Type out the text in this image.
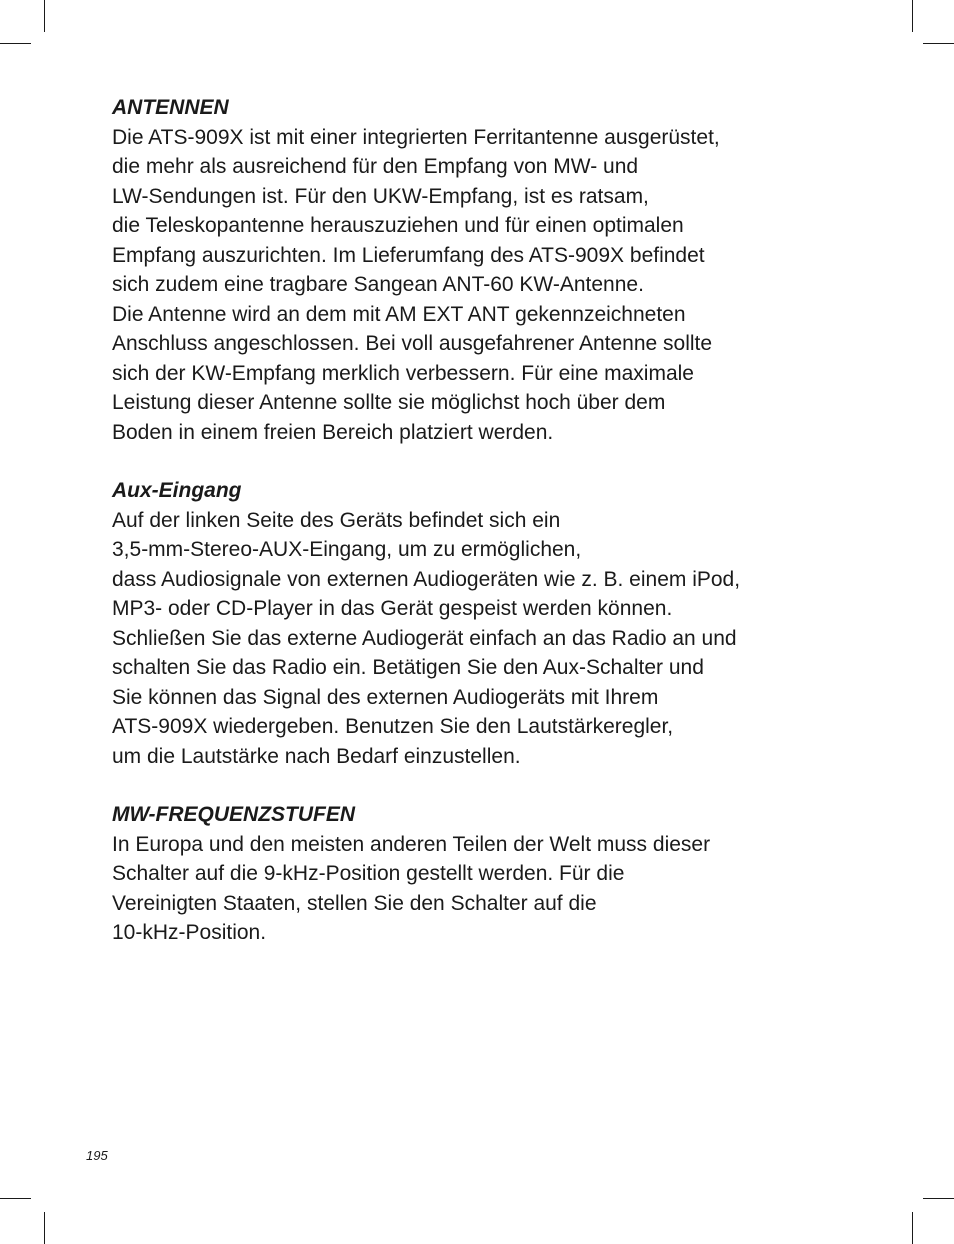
ANTENNEN
Die ATS-909X ist mit einer integrierten Ferritantenne ausgerüstet,
die mehr als ausreichend für den Empfang von MW- und
LW-Sendungen ist. Für den UKW-Empfang, ist es ratsam,
die Teleskopantenne herauszuziehen und für einen optimalen
Empfang auszurichten. Im Lieferumfang des ATS-909X befindet
sich zudem eine tragbare Sangean ANT-60 KW-Antenne.
Die Antenne wird an dem mit AM EXT ANT gekennzeichneten
Anschluss angeschlossen. Bei voll ausgefahrener Antenne sollte
sich der KW-Empfang merklich verbessern. Für eine maximale
Leistung dieser Antenne sollte sie möglichst hoch über dem
Boden in einem freien Bereich platziert werden.
Aux-Eingang
Auf der linken Seite des Geräts befindet sich ein
3,5-mm-Stereo-AUX-Eingang, um zu ermöglichen,
dass Audiosignale von externen Audiogeräten wie z. B. einem iPod,
MP3- oder CD-Player in das Gerät gespeist werden können.
Schließen Sie das externe Audiogerät einfach an das Radio an und
schalten Sie das Radio ein. Betätigen Sie den Aux-Schalter und
Sie können das Signal des externen Audiogeräts mit Ihrem
ATS-909X wiedergeben. Benutzen Sie den Lautstärkeregler,
um die Lautstärke nach Bedarf einzustellen.
MW-FREQUENZSTUFEN
In Europa und den meisten anderen Teilen der Welt muss dieser
Schalter auf die 9-kHz-Position gestellt werden. Für die
Vereinigten Staaten, stellen Sie den Schalter auf die
10-kHz-Position.
195
